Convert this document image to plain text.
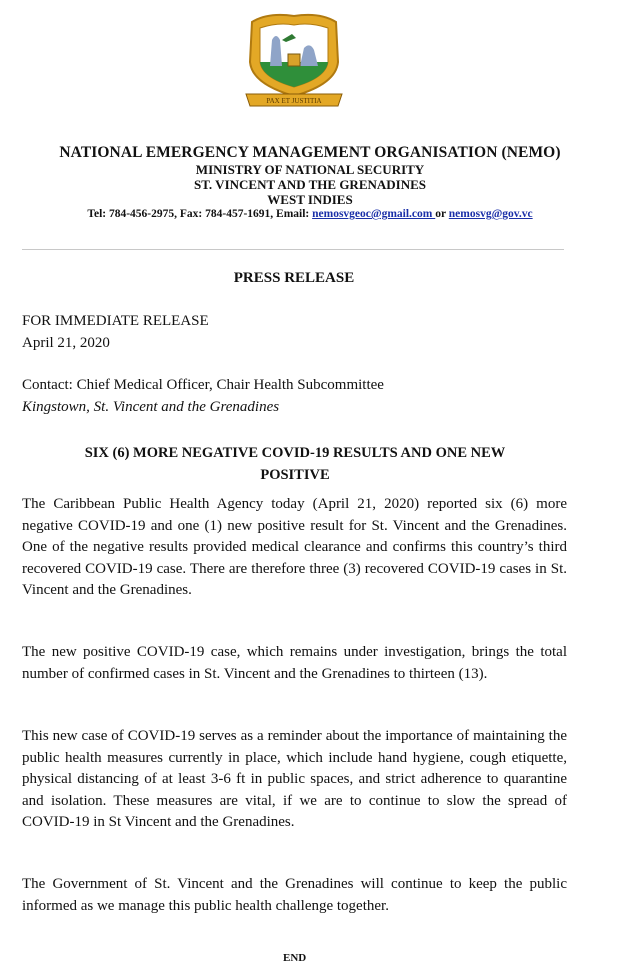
PAX ET JUSTITIA
NATIONAL EMERGENCY MANAGEMENT ORGANISATION (NEMO)
MINISTRY OF NATIONAL SECURITY
ST. VINCENT AND THE GRENADINES
WEST INDIES
Tel: 784-456-2975, Fax: 784-457-1691, Email: nemosvgeoc@gmail.com or nemosvg@gov.vc
PRESS RELEASE
FOR IMMEDIATE RELEASE
April 21, 2020
Contact: Chief Medical Officer, Chair Health Subcommittee
Kingstown, St. Vincent and the Grenadines
SIX (6) MORE NEGATIVE COVID-19 RESULTS AND ONE NEW
POSITIVE
The Caribbean Public Health Agency today (April 21, 2020) reported six (6) more negative COVID-19 and one (1) new positive result for St. Vincent and the Grenadines. One of the negative results provided medical clearance and confirms this country’s third recovered COVID-19 case. There are therefore three (3) recovered COVID-19 cases in St. Vincent and the Grenadines.
The new positive COVID-19 case, which remains under investigation, brings the total number of confirmed cases in St. Vincent and the Grenadines to thirteen (13).
This new case of COVID-19 serves as a reminder about the importance of maintaining the public health measures currently in place, which include hand hygiene, cough etiquette, physical distancing of at least 3-6 ft in public spaces, and strict adherence to quarantine and isolation. These measures are vital, if we are to continue to slow the spread of COVID-19 in St Vincent and the Grenadines.
The Government of St. Vincent and the Grenadines will continue to keep the public informed as we manage this public health challenge together.
END
